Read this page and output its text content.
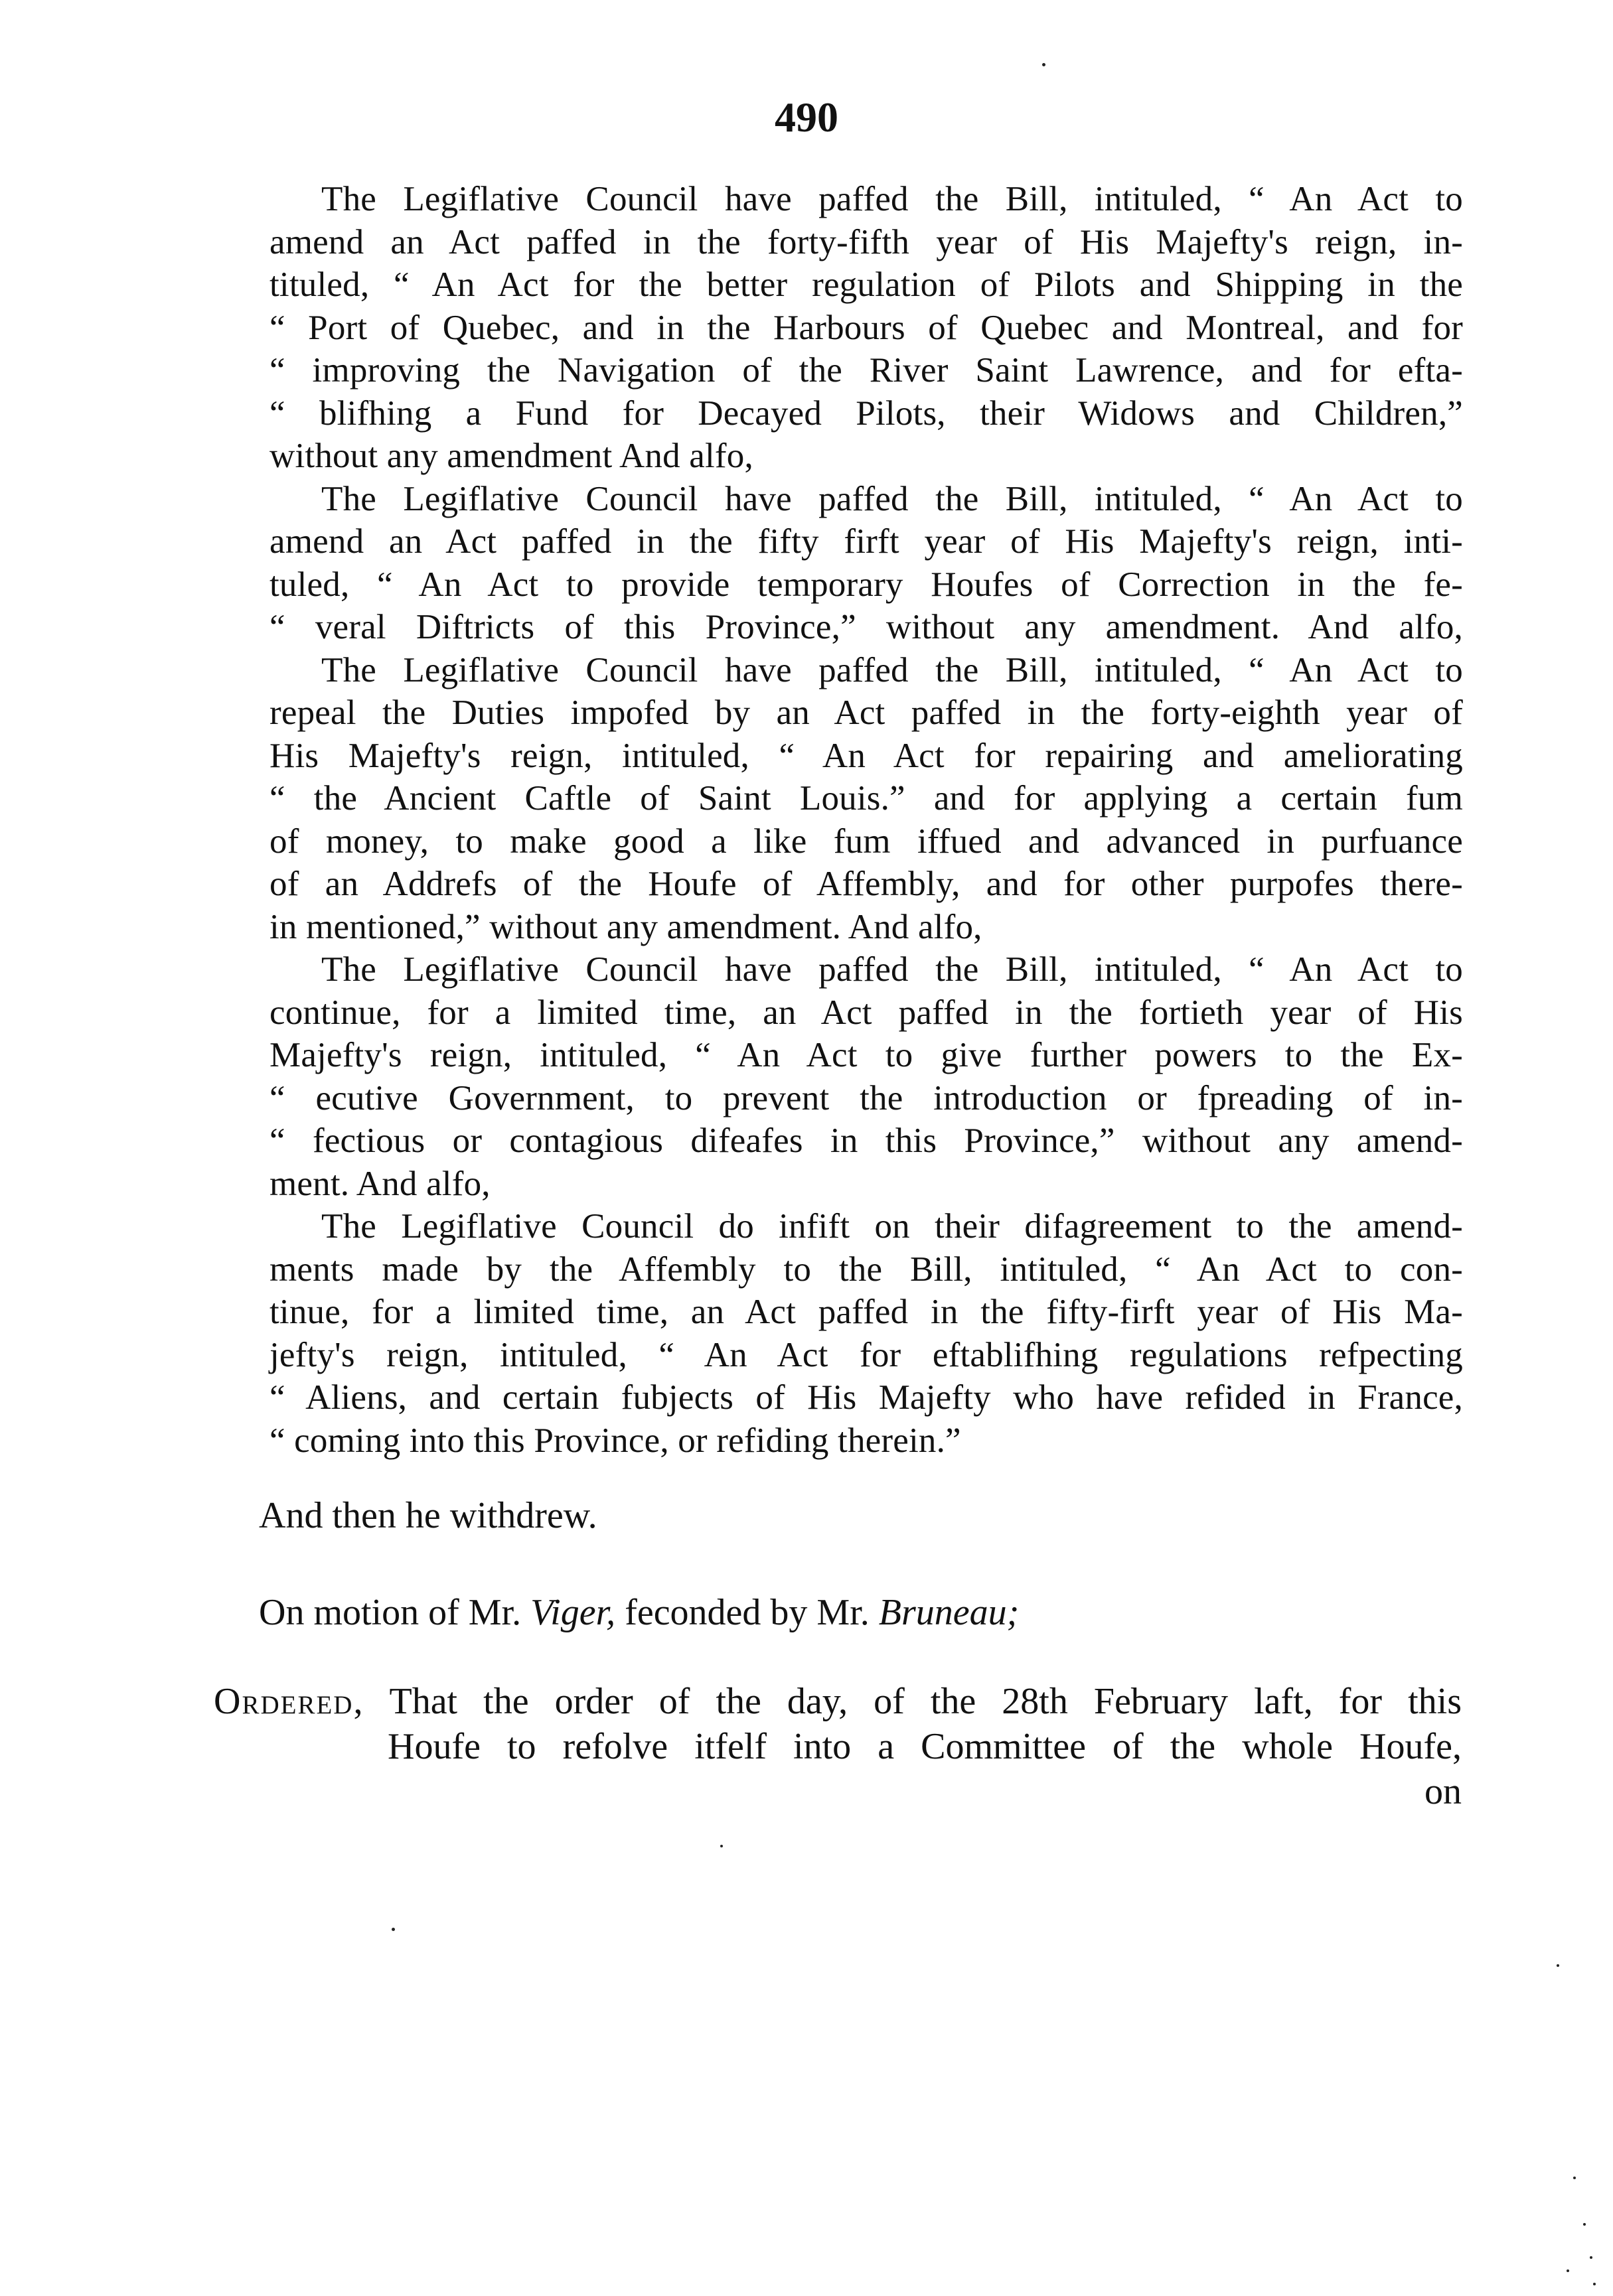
490

The Legiflative Council have paffed the Bill, intituled, “ An Act to
amend an Act paffed in the forty-fifth year of His Majefty's reign, in-
tituled, “ An Act for the better regulation of Pilots and Shipping in the
“ Port of Quebec, and in the Harbours of Quebec and Montreal, and for
“ improving the Navigation of the River Saint Lawrence, and for efta-
“ blifhing a Fund for Decayed Pilots, their Widows and Children,”
without any amendment And alfo,

The Legiflative Council have paffed the Bill, intituled, “ An Act to
amend an Act paffed in the fifty firft year of His Majefty's reign, inti-
tuled, “ An Act to provide temporary Houfes of Correction in the fe-
“ veral Diftricts of this Province,” without any amendment. And alfo,

The Legiflative Council have paffed the Bill, intituled, “ An Act to
repeal the Duties impofed by an Act paffed in the forty-eighth year of
His Majefty's reign, intituled, “ An Act for repairing and ameliorating
“ the Ancient Caftle of Saint Louis.” and for applying a certain fum
of money, to make good a like fum iffued and advanced in purfuance
of an Addrefs of the Houfe of Affembly, and for other purpofes there-
in mentioned,” without any amendment. And alfo,

The Legiflative Council have paffed the Bill, intituled, “ An Act to
continue, for a limited time, an Act paffed in the fortieth year of His
Majefty's reign, intituled, “ An Act to give further powers to the Ex-
“ ecutive Government, to prevent the introduction or fpreading of in-
“ fectious or contagious difeafes in this Province,” without any amend-
ment. And alfo,

The Legiflative Council do infift on their difagreement to the amend-
ments made by the Affembly to the Bill, intituled, “ An Act to con-
tinue, for a limited time, an Act paffed in the fifty-firft year of His Ma-
jefty's reign, intituled, “ An Act for eftablifhing regulations refpecting
“ Aliens, and certain fubjects of His Majefty who have refided in France,
“ coming into this Province, or refiding therein.”

And then he withdrew.
On motion of Mr. Viger, feconded by Mr. Bruneau;
Ordered, That the order of the day, of the 28th February laft, for this
Houfe to refolve itfelf into a Committee of the whole Houfe,
on
